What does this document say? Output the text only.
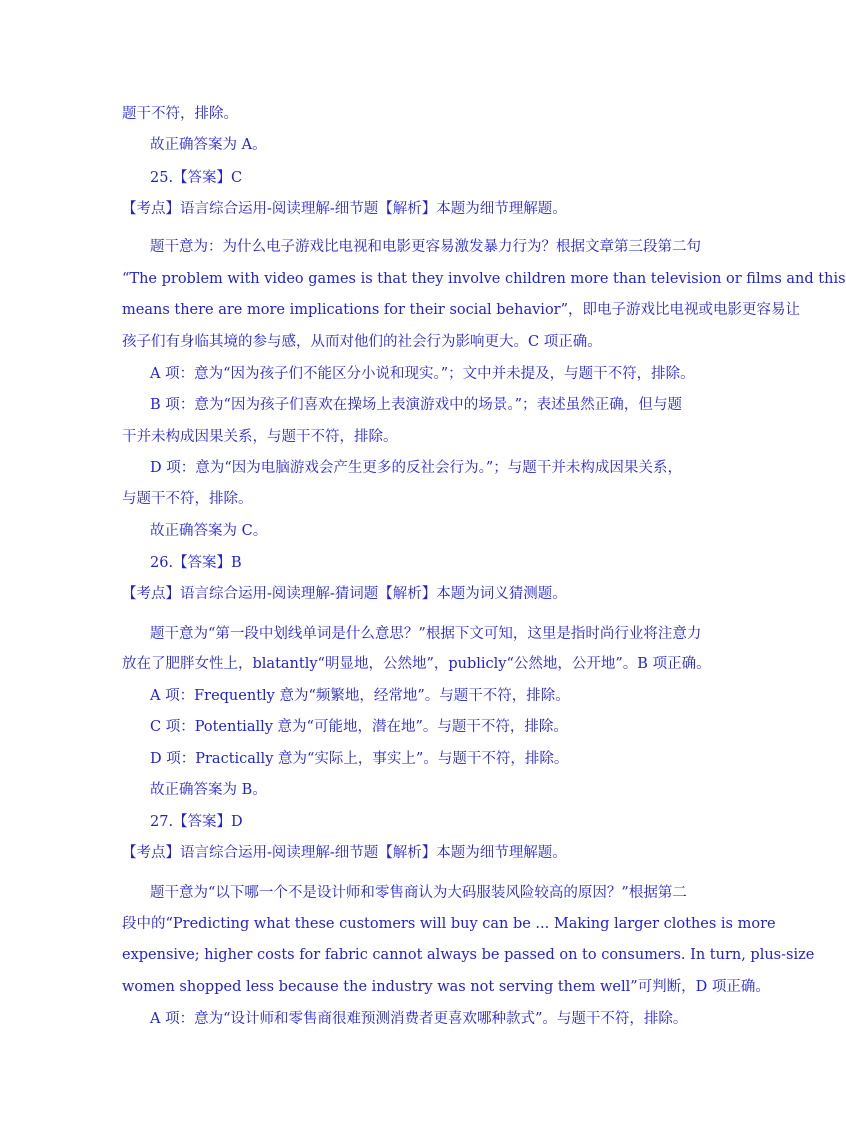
题干不符，排除。
故正确答案为 A。
25.【答案】C
【考点】语言综合运用-阅读理解-细节题【解析】本题为细节理解题。
题干意为：为什么电子游戏比电视和电影更容易激发暴力行为？根据文章第三段第二句
“The problem with video games is that they involve children more than television or films and this
means there are more implications for their social behavior”，即电子游戏比电视或电影更容易让
孩子们有身临其境的参与感，从而对他们的社会行为影响更大。C 项正确。
A 项：意为“因为孩子们不能区分小说和现实。”；文中并未提及，与题干不符，排除。
B 项：意为“因为孩子们喜欢在操场上表演游戏中的场景。”；表述虽然正确，但与题
干并未构成因果关系，与题干不符，排除。
D 项：意为“因为电脑游戏会产生更多的反社会行为。”；与题干并未构成因果关系，
与题干不符，排除。
故正确答案为 C。
26.【答案】B
【考点】语言综合运用-阅读理解-猜词题【解析】本题为词义猜测题。
题干意为“第一段中划线单词是什么意思？”根据下文可知，这里是指时尚行业将注意力
放在了肥胖女性上，blatantly“明显地，公然地”，publicly“公然地，公开地”。B 项正确。
A 项：Frequently 意为“频繁地，经常地”。与题干不符，排除。
C 项：Potentially 意为“可能地，潜在地”。与题干不符，排除。
D 项：Practically 意为“实际上，事实上”。与题干不符，排除。
故正确答案为 B。
27.【答案】D
【考点】语言综合运用-阅读理解-细节题【解析】本题为细节理解题。
题干意为“以下哪一个不是设计师和零售商认为大码服装风险较高的原因？”根据第二
段中的“Predicting what these customers will buy can be ... Making larger clothes is more
expensive; higher costs for fabric cannot always be passed on to consumers. In turn, plus-size
women shopped less because the industry was not serving them well”可判断，D 项正确。
A 项：意为“设计师和零售商很难预测消费者更喜欢哪种款式”。与题干不符，排除。
